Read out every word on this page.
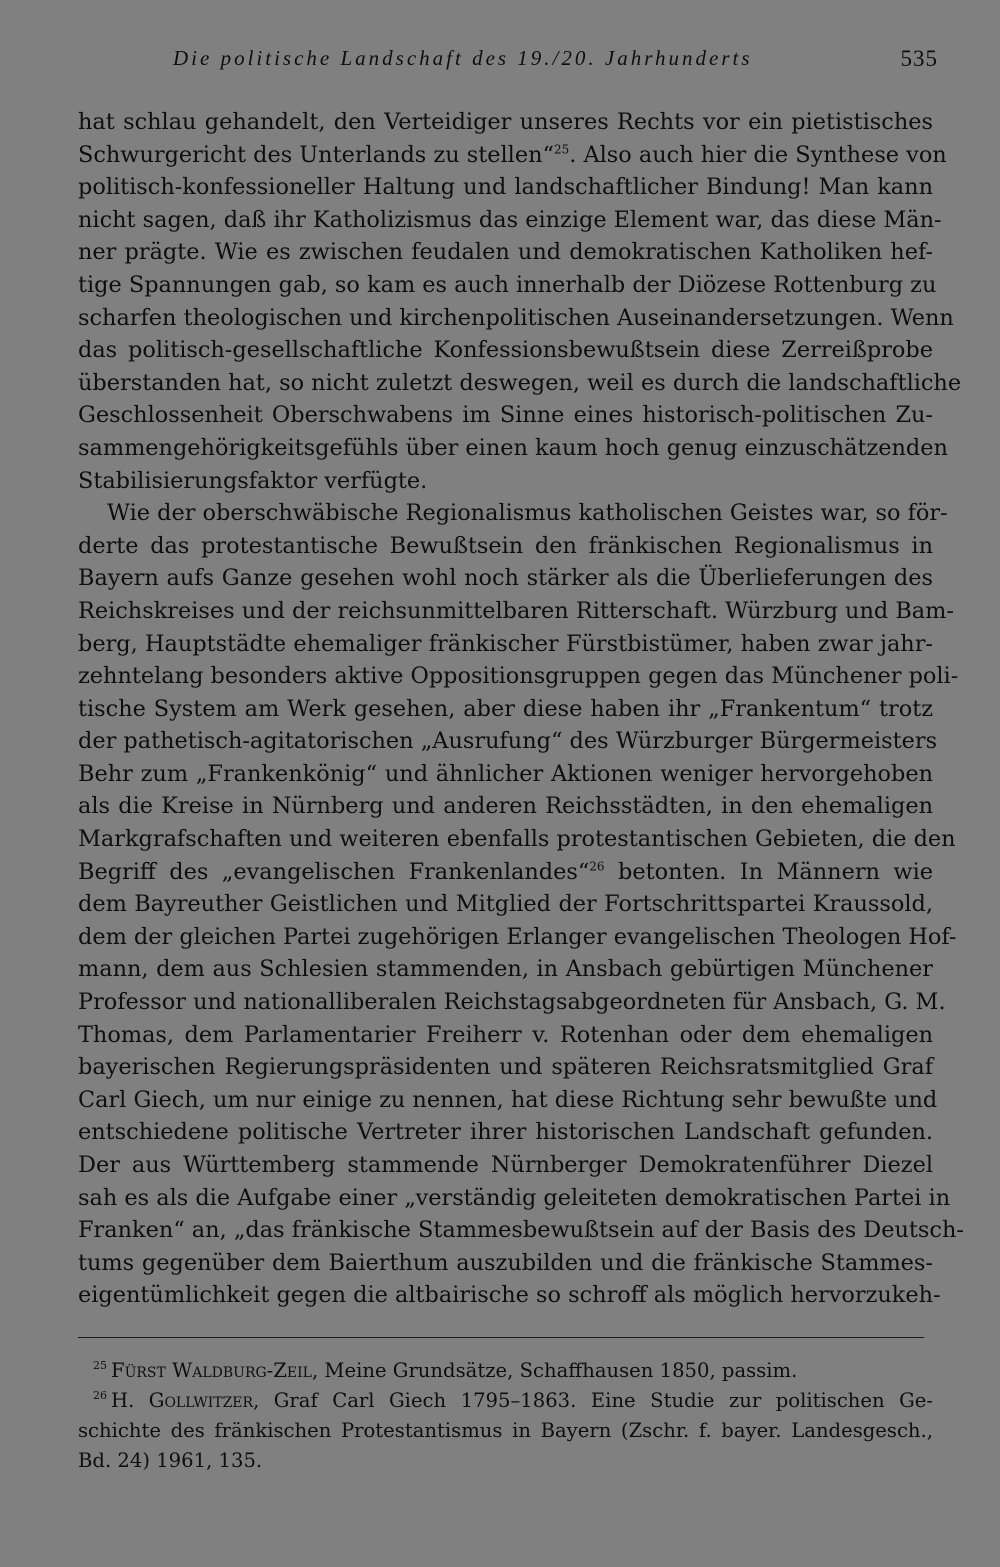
Die politische Landschaft des 19./20. Jahrhunderts	535
hat schlau gehandelt, den Verteidiger unseres Rechts vor ein pietistisches
Schwurgericht des Unterlands zu stellen“$^{25}$. Also auch hier die Synthese von
politisch-konfessioneller Haltung und landschaftlicher Bindung! Man kann
nicht sagen, daß ihr Katholizismus das einzige Element war, das diese Män-
ner prägte. Wie es zwischen feudalen und demokratischen Katholiken hef-
tige Spannungen gab, so kam es auch innerhalb der Diözese Rottenburg zu
scharfen theologischen und kirchenpolitischen Auseinandersetzungen. Wenn
das politisch-gesellschaftliche Konfessionsbewußtsein diese Zerreißprobe
überstanden hat, so nicht zuletzt deswegen, weil es durch die landschaftliche
Geschlossenheit Oberschwabens im Sinne eines historisch-politischen Zu-
sammengehörigkeitsgefühls über einen kaum hoch genug einzuschätzenden
Stabilisierungsfaktor verfügte.
Wie der oberschwäbische Regionalismus katholischen Geistes war, so för-
derte das protestantische Bewußtsein den fränkischen Regionalismus in
Bayern aufs Ganze gesehen wohl noch stärker als die Überlieferungen des
Reichskreises und der reichsunmittelbaren Ritterschaft. Würzburg und Bam-
berg, Hauptstädte ehemaliger fränkischer Fürstbistümer, haben zwar jahr-
zehntelang besonders aktive Oppositionsgruppen gegen das Münchener poli-
tische System am Werk gesehen, aber diese haben ihr „Frankentum“ trotz
der pathetisch-agitatorischen „Ausrufung“ des Würzburger Bürgermeisters
Behr zum „Frankenkönig“ und ähnlicher Aktionen weniger hervorgehoben
als die Kreise in Nürnberg und anderen Reichsstädten, in den ehemaligen
Markgrafschaften und weiteren ebenfalls protestantischen Gebieten, die den
Begriff des „evangelischen Frankenlandes“$^{26}$ betonten. In Männern wie
dem Bayreuther Geistlichen und Mitglied der Fortschrittspartei Kraussold,
dem der gleichen Partei zugehörigen Erlanger evangelischen Theologen Hof-
mann, dem aus Schlesien stammenden, in Ansbach gebürtigen Münchener
Professor und nationalliberalen Reichstagsabgeordneten für Ansbach, G. M.
Thomas, dem Parlamentarier Freiherr v. Rotenhan oder dem ehemaligen
bayerischen Regierungspräsidenten und späteren Reichsratsmitglied Graf
Carl Giech, um nur einige zu nennen, hat diese Richtung sehr bewußte und
entschiedene politische Vertreter ihrer historischen Landschaft gefunden.
Der aus Württemberg stammende Nürnberger Demokratenführer Diezel
sah es als die Aufgabe einer „verständig geleiteten demokratischen Partei in
Franken“ an, „das fränkische Stammesbewußtsein auf der Basis des Deutsch-
tums gegenüber dem Baierthum auszubilden und die fränkische Stammes-
eigentümlichkeit gegen die altbairische so schroff als möglich hervorzukeh-
$^{25}$ Fürst Waldburg-Zeil, Meine Grundsätze, Schaffhausen 1850, passim.
$^{26}$ H. Gollwitzer, Graf Carl Giech 1795–1863. Eine Studie zur politischen Ge-
schichte des fränkischen Protestantismus in Bayern (Zschr. f. bayer. Landesgesch.,
Bd. 24) 1961, 135.
